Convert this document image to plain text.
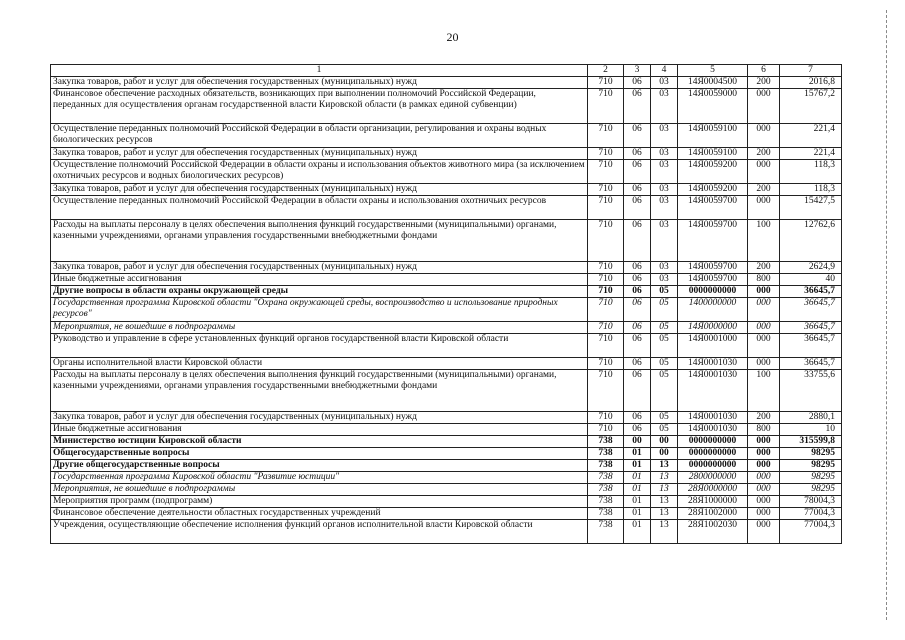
20
1	2	3	4	5	6	7
Закупка товаров, работ и услуг для обеспечения государственных (муниципальных) нужд	710	06	03	14Я0004500	200	2016,8
Финансовое обеспечение расходных обязательств, возникающих при выполнении полномочий Российской Федерации, переданных для осуществления органам государственной власти Кировской области (в рамках единой субвенции)	710	06	03	14Я0059000	000	15767,2
Осуществление переданных полномочий Российской Федерации в области организации, регулирования и охраны водных биологических ресурсов	710	06	03	14Я0059100	000	221,4
Закупка товаров, работ и услуг для обеспечения государственных (муниципальных) нужд	710	06	03	14Я0059100	200	221,4
Осуществление полномочий Российской Федерации в области охраны и использования объектов животного мира (за исключением охотничьих ресурсов и водных биологических ресурсов)	710	06	03	14Я0059200	000	118,3
Закупка товаров, работ и услуг для обеспечения государственных (муниципальных) нужд	710	06	03	14Я0059200	200	118,3
Осуществление переданных полномочий Российской Федерации в области охраны и использования охотничьих ресурсов	710	06	03	14Я0059700	000	15427,5
Расходы на выплаты персоналу в целях обеспечения выполнения функций государственными (муниципальными) органами, казенными учреждениями, органами управления государственными внебюджетными фондами	710	06	03	14Я0059700	100	12762,6
Закупка товаров, работ и услуг для обеспечения государственных (муниципальных) нужд	710	06	03	14Я0059700	200	2624,9
Иные бюджетные ассигнования	710	06	03	14Я0059700	800	40
Другие вопросы в области охраны окружающей среды	710	06	05	0000000000	000	36645,7
Государственная программа Кировской области "Охрана окружающей среды, воспроизводство и использование природных ресурсов"	710	06	05	1400000000	000	36645,7
Мероприятия, не вошедшие в подпрограммы	710	06	05	14Я0000000	000	36645,7
Руководство и управление в сфере установленных функций органов государственной власти Кировской области	710	06	05	14Я0001000	000	36645,7
Органы исполнительной власти Кировской области	710	06	05	14Я0001030	000	36645,7
Расходы на выплаты персоналу в целях обеспечения выполнения функций государственными (муниципальными) органами, казенными учреждениями, органами управления государственными внебюджетными фондами	710	06	05	14Я0001030	100	33755,6
Закупка товаров, работ и услуг для обеспечения государственных (муниципальных) нужд	710	06	05	14Я0001030	200	2880,1
Иные бюджетные ассигнования	710	06	05	14Я0001030	800	10
Министерство юстиции Кировской области	738	00	00	0000000000	000	315599,8
Общегосударственные вопросы	738	01	00	0000000000	000	98295
Другие общегосударственные вопросы	738	01	13	0000000000	000	98295
Государственная программа Кировской области "Развитие юстиции"	738	01	13	2800000000	000	98295
Мероприятия, не вошедшие в подпрограммы	738	01	13	28Я0000000	000	98295
Мероприятия программ (подпрограмм)	738	01	13	28Я1000000	000	78004,3
Финансовое обеспечение деятельности областных государственных учреждений	738	01	13	28Я1002000	000	77004,3
Учреждения, осуществляющие обеспечение исполнения функций органов исполнительной власти Кировской области	738	01	13	28Я1002030	000	77004,3
